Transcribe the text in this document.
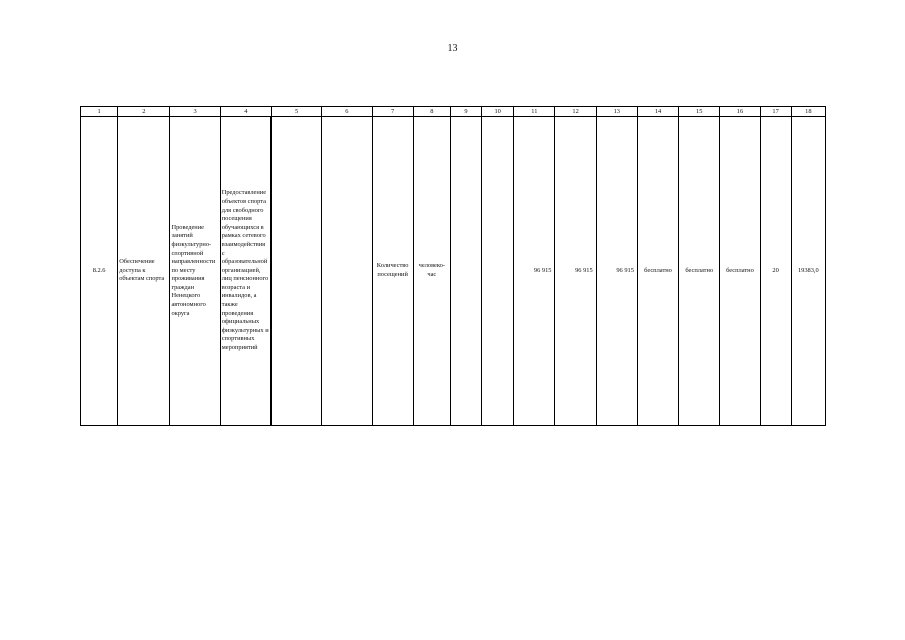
13
1	2	3	4	5	6	7	8	9	10	11	12	13	14	15	16	17	18
8.2.6	Обеспечение доступа к объектам спорта	Проведение занятий физкультурно-спортивной направленности по месту проживания граждан Ненецкого автономного округа	Предоставление объектов спорта для свободного посещения обучающихся в рамках сетевого взаимодействия с образовательной организацией, лиц пенсионного возраста и инвалидов, а также проведения официальных физкультурных и спортивных мероприятий			Количество посещений	человеко-час			96 915	96 915	96 915	бесплатно	бесплатно	бесплатно	20	19383,0
